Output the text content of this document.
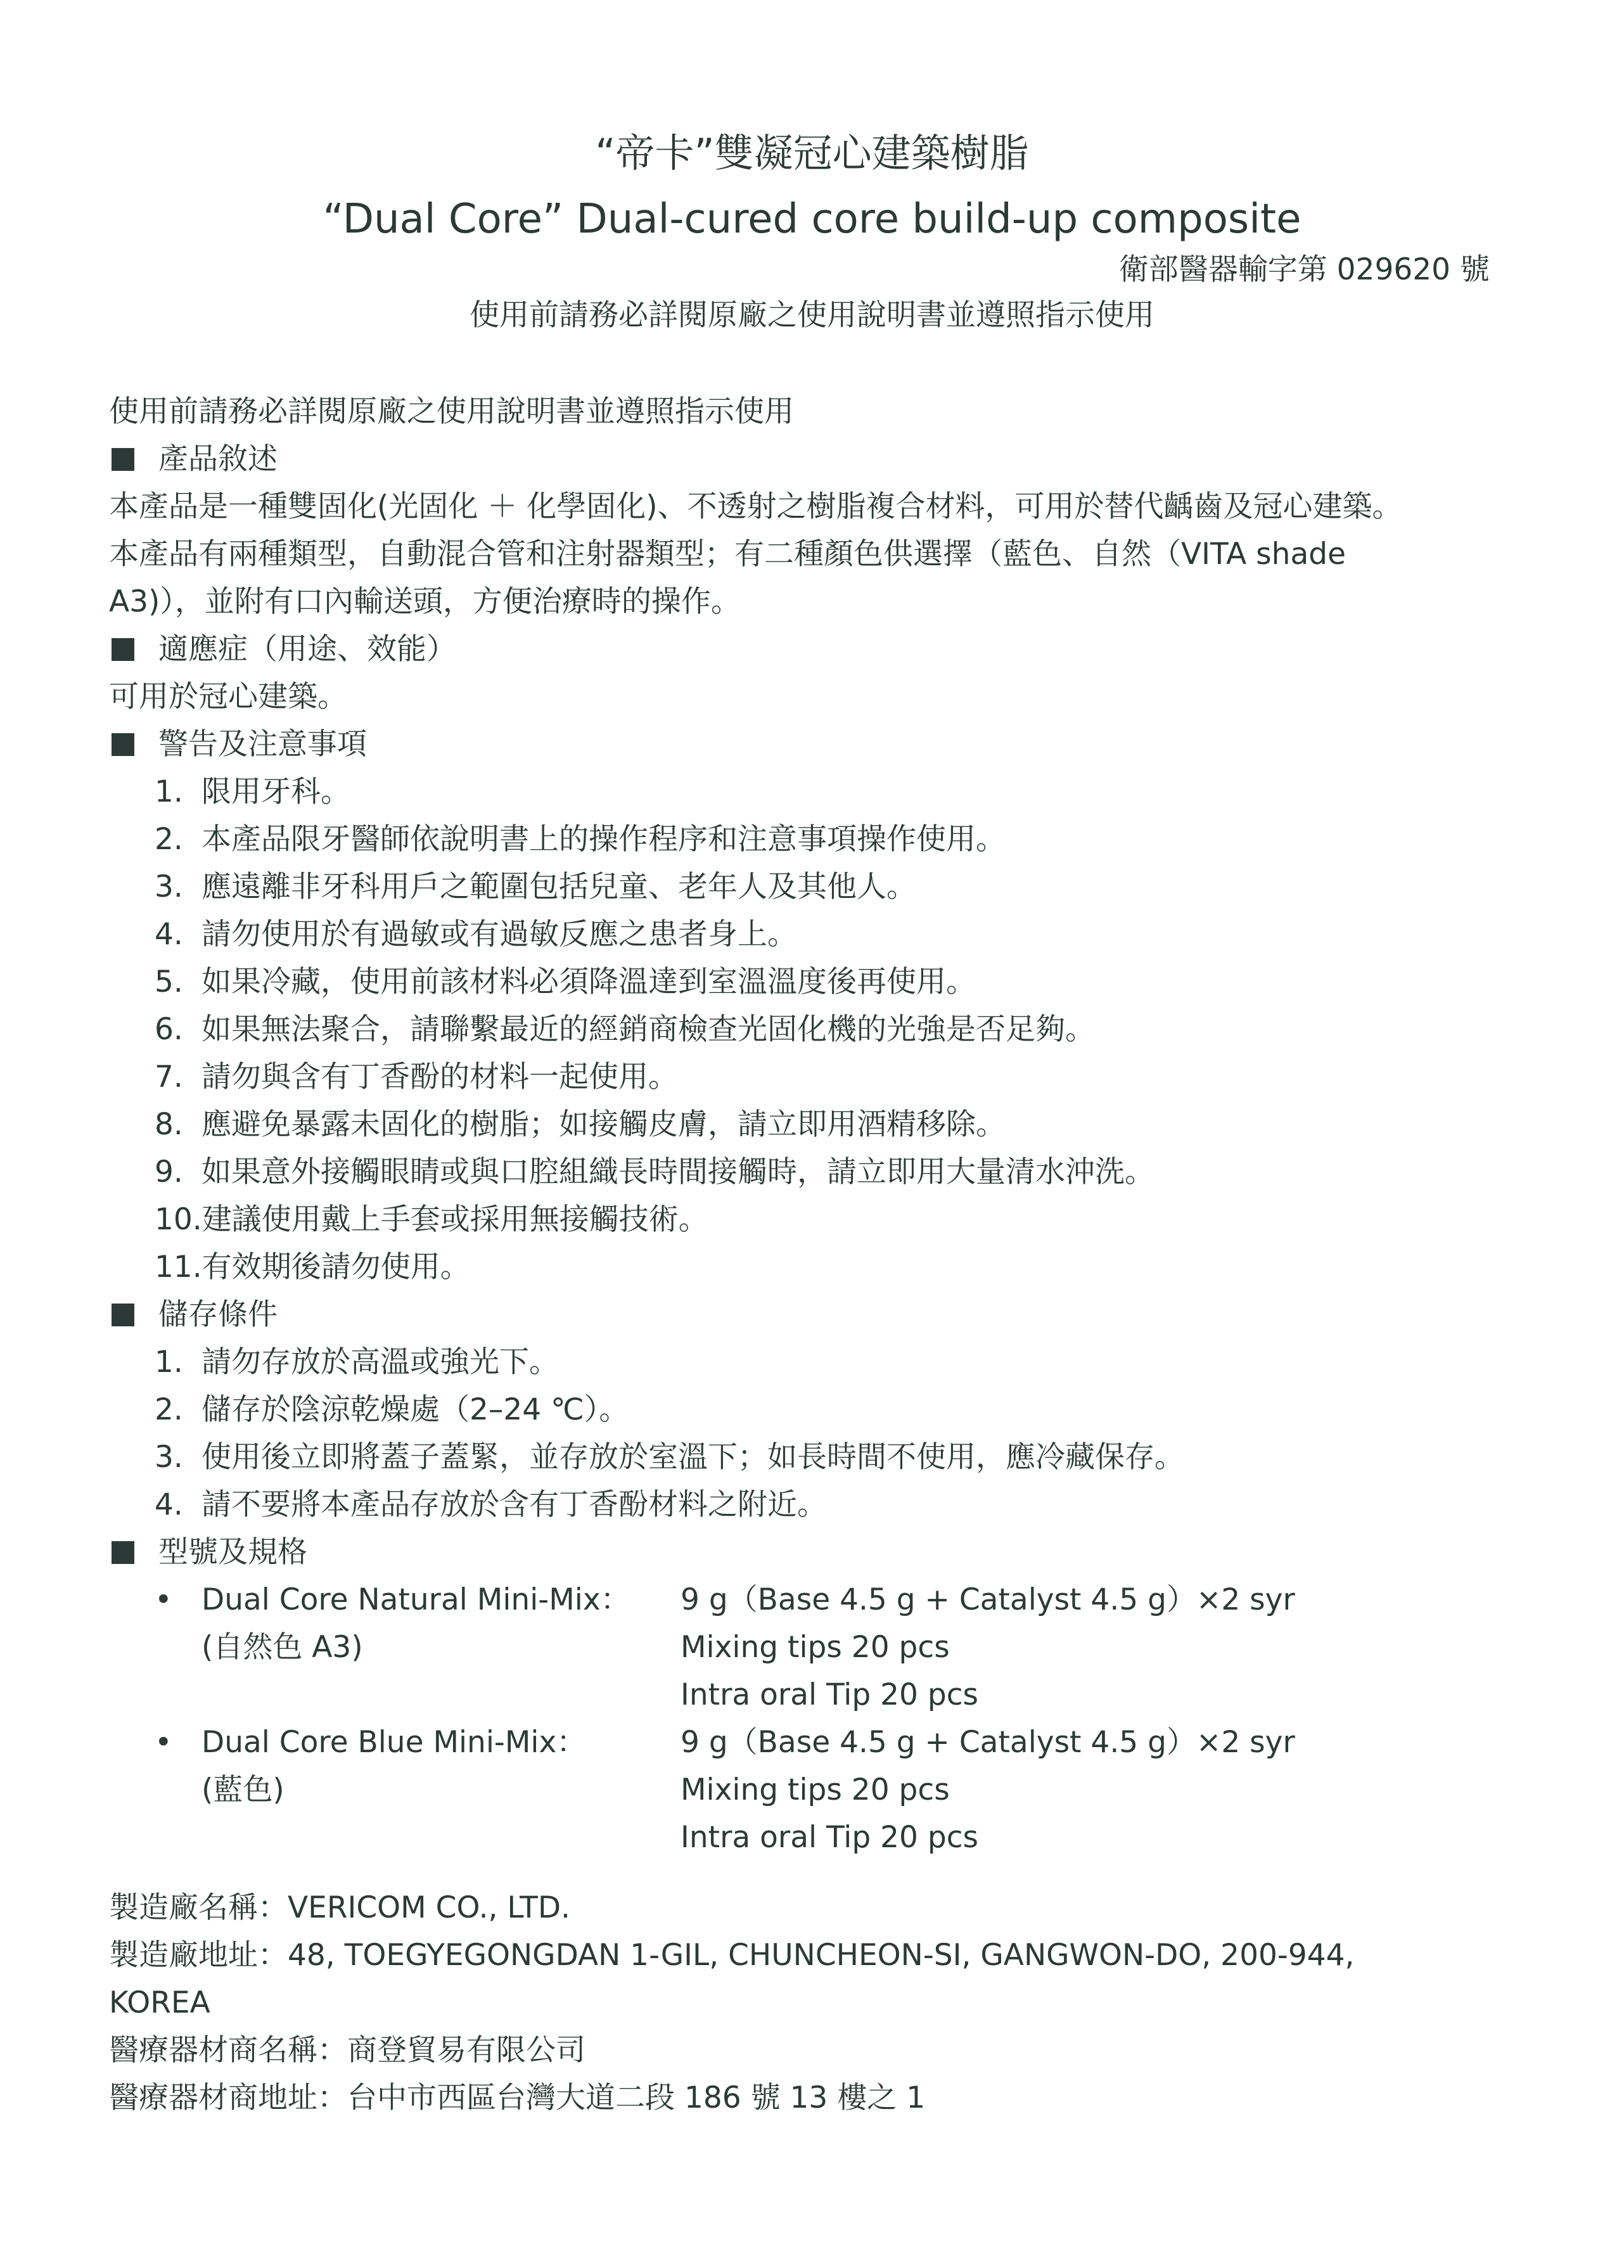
“帝卡”雙凝冠心建築樹脂
“Dual Core” Dual-cured core build-up composite
衛部醫器輸字第 029620 號
使用前請務必詳閱原廠之使用說明書並遵照指示使用
使用前請務必詳閱原廠之使用說明書並遵照指示使用
產品敘述
本產品是一種雙固化(光固化 ＋ 化學固化)、不透射之樹脂複合材料，可用於替代齲齒及冠心建築。
本產品有兩種類型，自動混合管和注射器類型；有二種顏色供選擇（藍色、自然（VITA shade
A3)），並附有口內輸送頭，方便治療時的操作。
適應症（用途、效能）
可用於冠心建築。
警告及注意事項
1. 限用牙科。
2. 本產品限牙醫師依說明書上的操作程序和注意事項操作使用。
3. 應遠離非牙科用戶之範圍包括兒童、老年人及其他人。
4. 請勿使用於有過敏或有過敏反應之患者身上。
5. 如果冷藏，使用前該材料必須降溫達到室溫溫度後再使用。
6. 如果無法聚合，請聯繫最近的經銷商檢查光固化機的光強是否足夠。
7. 請勿與含有丁香酚的材料一起使用。
8. 應避免暴露未固化的樹脂；如接觸皮膚，請立即用酒精移除。
9. 如果意外接觸眼睛或與口腔組織長時間接觸時，請立即用大量清水沖洗。
10. 建議使用戴上手套或採用無接觸技術。
11. 有效期後請勿使用。
儲存條件
1. 請勿存放於高溫或強光下。
2. 儲存於陰涼乾燥處（2–24 ℃）。
3. 使用後立即將蓋子蓋緊，並存放於室溫下；如長時間不使用，應冷藏保存。
4. 請不要將本產品存放於含有丁香酚材料之附近。
型號及規格
• Dual Core Natural Mini-Mix： 9 g（Base 4.5 g + Catalyst 4.5 g）×2 syr
(自然色 A3)	Mixing tips 20 pcs
Intra oral Tip 20 pcs
• Dual Core Blue Mini-Mix：	9 g（Base 4.5 g + Catalyst 4.5 g）×2 syr
(藍色)	Mixing tips 20 pcs
Intra oral Tip 20 pcs
製造廠名稱：VERICOM CO., LTD.
製造廠地址：48, TOEGYEGONGDAN 1-GIL, CHUNCHEON-SI, GANGWON-DO, 200-944,
KOREA
醫療器材商名稱：商登貿易有限公司
醫療器材商地址：台中市西區台灣大道二段 186 號 13 樓之 1
